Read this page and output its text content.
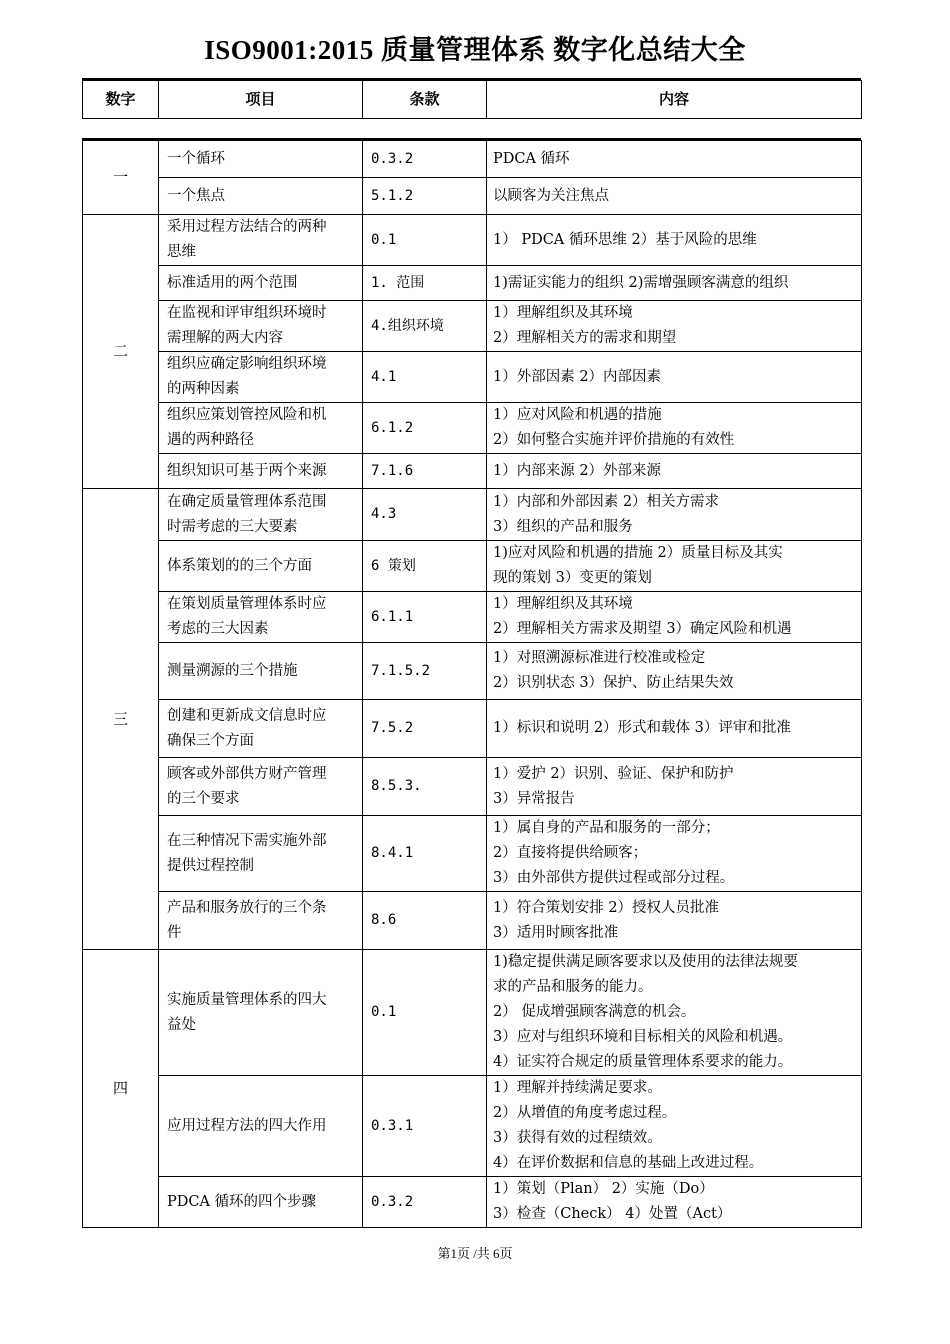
ISO9001:2015 质量管理体系 数字化总结大全
数字	项目	条款	内容
一	一个循环	0.3.2	PDCA 循环

	一个焦点	5.1.2	以顾客为关注焦点

二	采用过程方法结合的两种
思维	0.1	1） PDCA 循环思维 2）基于风险的思维

	标准适用的两个范围	1. 范围	1)需证实能力的组织 2)需增强顾客满意的组织

	在监视和评审组织环境时
需理解的两大内容	4.组织环境	1）理解组织及其环境
2）理解相关方的需求和期望

	组织应确定影响组织环境
的两种因素	4.1	1）外部因素 2）内部因素

	组织应策划管控风险和机
遇的两种路径	6.1.2	1）应对风险和机遇的措施
2）如何整合实施并评价措施的有效性

	组织知识可基于两个来源	7.1.6	1）内部来源 2）外部来源

三	在确定质量管理体系范围
时需考虑的三大要素	4.3	1）内部和外部因素 2）相关方需求
3）组织的产品和服务

	体系策划的的三个方面	6 策划	1)应对风险和机遇的措施 2）质量目标及其实
现的策划 3）变更的策划

	在策划质量管理体系时应
考虑的三大因素	6.1.1	1）理解组织及其环境
2）理解相关方需求及期望 3）确定风险和机遇

	测量溯源的三个措施	7.1.5.2	1）对照溯源标准进行校准或检定
2）识别状态 3）保护、防止结果失效

	创建和更新成文信息时应
确保三个方面	7.5.2	1）标识和说明 2）形式和载体 3）评审和批准

	顾客或外部供方财产管理
的三个要求	8.5.3.	1）爱护 2）识别、验证、保护和防护
3）异常报告

	在三种情况下需实施外部
提供过程控制	8.4.1	1）属自身的产品和服务的一部分；
2）直接将提供给顾客；
3）由外部供方提供过程或部分过程。

	产品和服务放行的三个条
件	8.6	1）符合策划安排 2）授权人员批准
3）适用时顾客批准

四	实施质量管理体系的四大
益处	0.1	1)稳定提供满足顾客要求以及使用的法律法规要
求的产品和服务的能力。
2） 促成增强顾客满意的机会。
3）应对与组织环境和目标相关的风险和机遇。
4）证实符合规定的质量管理体系要求的能力。

	应用过程方法的四大作用	0.3.1	1）理解并持续满足要求。
2）从增值的角度考虑过程。
3）获得有效的过程绩效。
4）在评价数据和信息的基础上改进过程。

	PDCA 循环的四个步骤	0.3.2	1）策划（Plan） 2）实施（Do）
3）检查（Check） 4）处置（Act）
第1页 /共 6页
